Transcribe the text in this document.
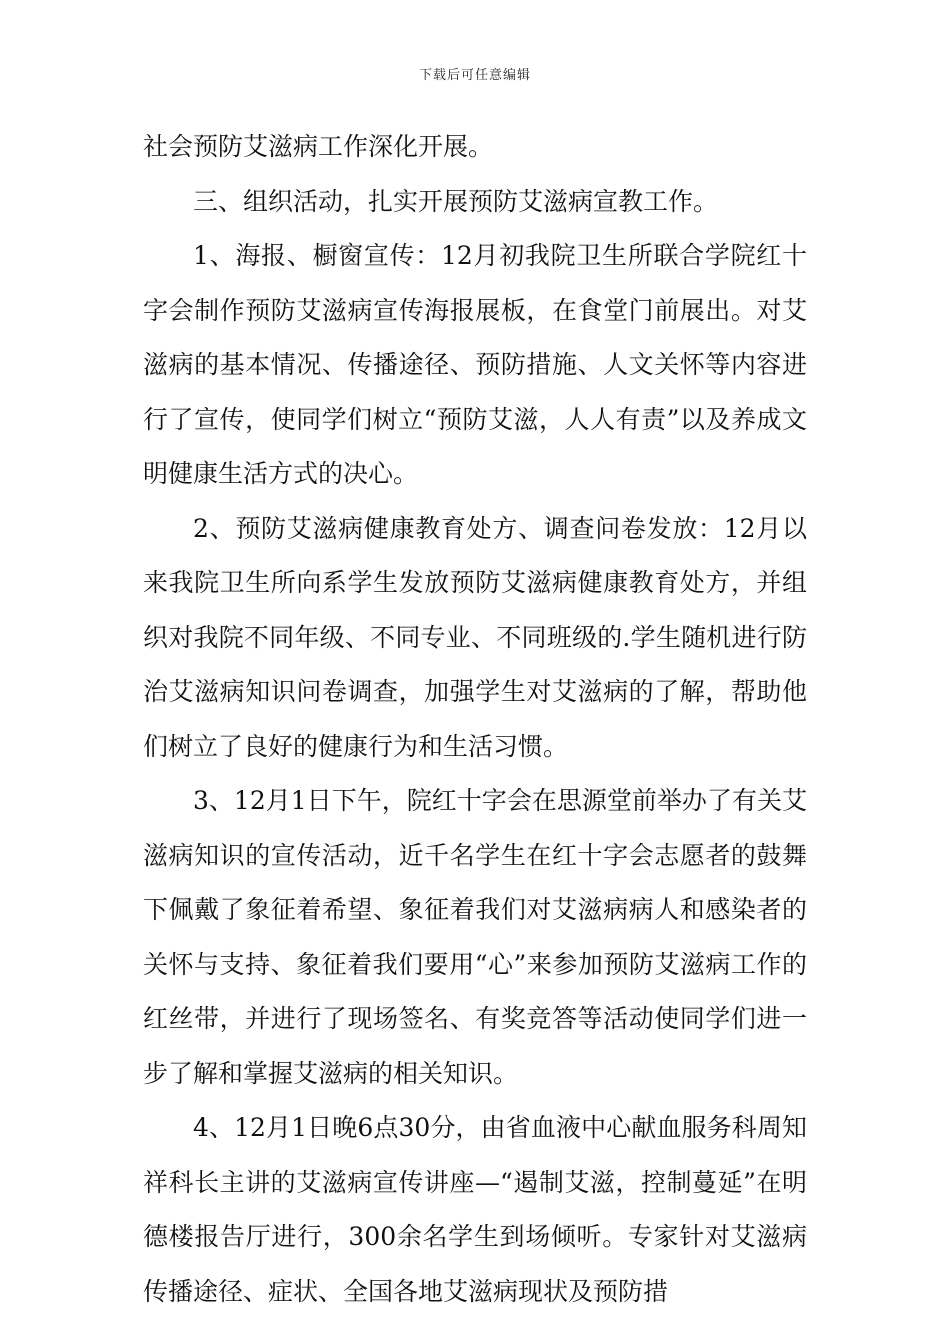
下载后可任意编辑

社会预防艾滋病工作深化开展。

三、组织活动，扎实开展预防艾滋病宣教工作。

1、海报、橱窗宣传：12月初我院卫生所联合学院红十字会制作预防艾滋病宣传海报展板，在食堂门前展出。对艾滋病的基本情况、传播途径、预防措施、人文关怀等内容进行了宣传，使同学们树立“预防艾滋，人人有责”以及养成文明健康生活方式的决心。

2、预防艾滋病健康教育处方、调查问卷发放：12月以来我院卫生所向系学生发放预防艾滋病健康教育处方，并组织对我院不同年级、不同专业、不同班级的.学生随机进行防治艾滋病知识问卷调查，加强学生对艾滋病的了解，帮助他们树立了良好的健康行为和生活习惯。

3、12月1日下午，院红十字会在思源堂前举办了有关艾滋病知识的宣传活动，近千名学生在红十字会志愿者的鼓舞下佩戴了象征着希望、象征着我们对艾滋病病人和感染者的关怀与支持、象征着我们要用“心”来参加预防艾滋病工作的红丝带，并进行了现场签名、有奖竞答等活动使同学们进一步了解和掌握艾滋病的相关知识。

4、12月1日晚6点30分，由省血液中心献血服务科周知祥科长主讲的艾滋病宣传讲座—“遏制艾滋，控制蔓延”在明德楼报告厅进行，300余名学生到场倾听。专家针对艾滋病传播途径、症状、全国各地艾滋病现状及预防措
